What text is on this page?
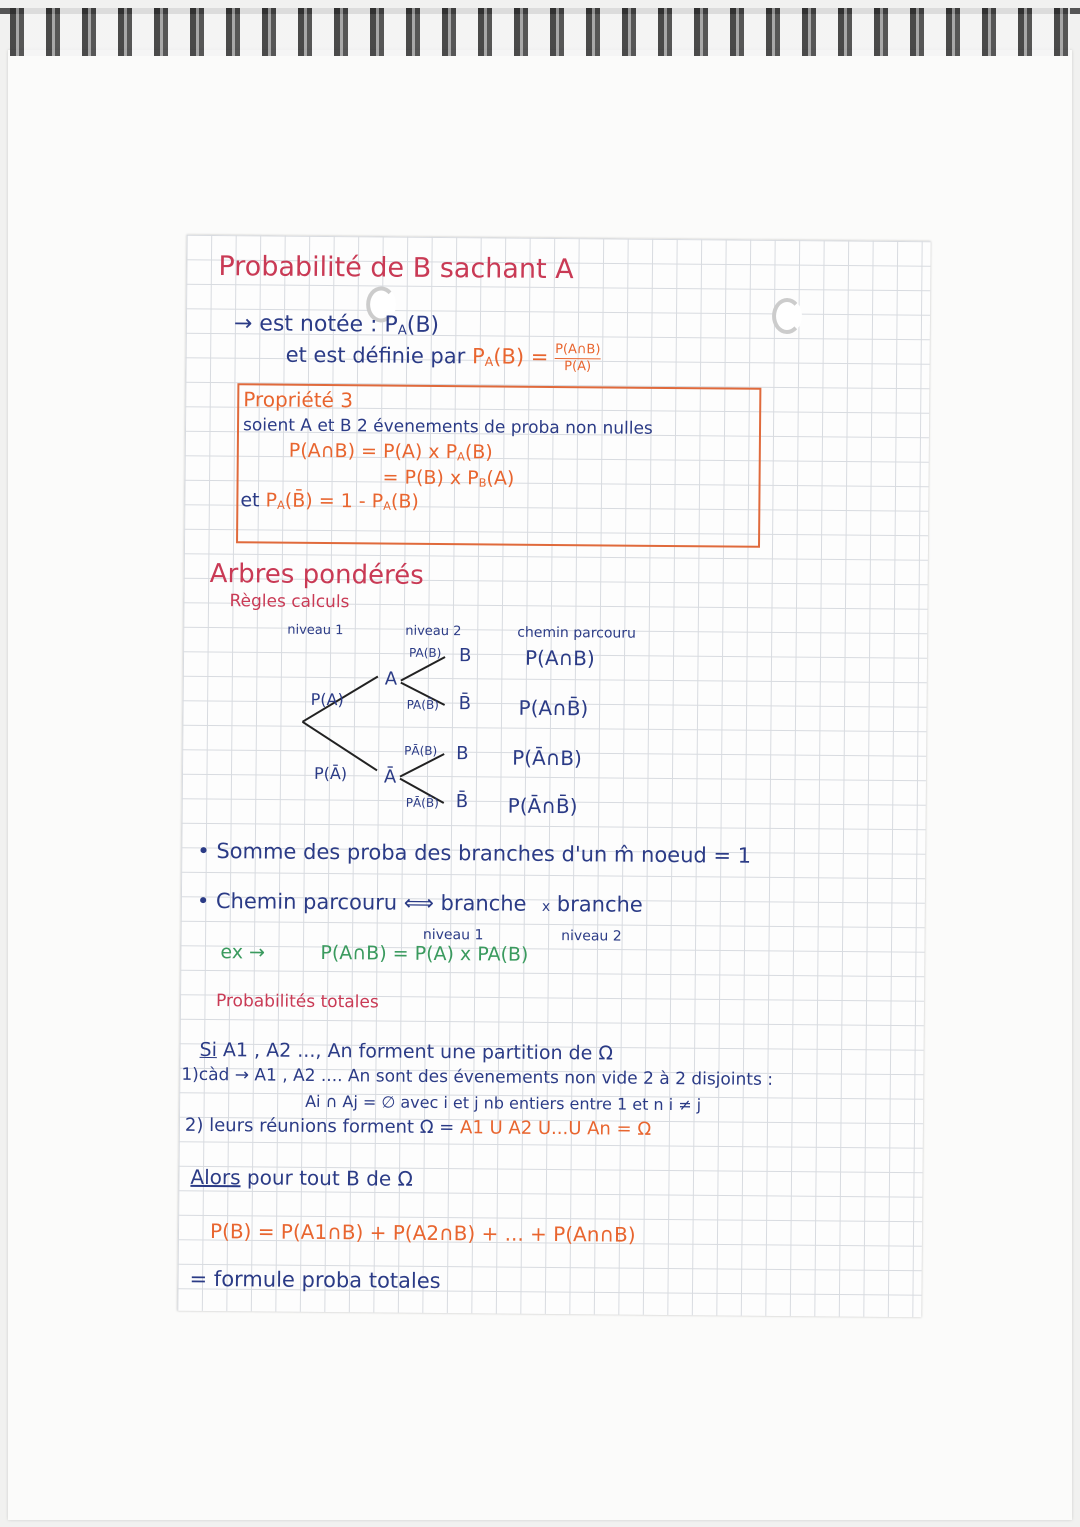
Probabilité de B sachant A
→ est notée : $P_A(B)$
et est définie par $P_A(B) = \frac{P(A\cap B)}{P(A)}$
Propriété 3
soient A et B 2 évenements de proba non nulles
P(A∩B) = P(A) x $P_A(B)$
= P(B) x $P_B(A)$
et $P_A(B̄) = 1 - P_A(B)$
Arbres pondérés
Règles calculs
niveau 1	niveau 2	chemin parcouru
P(A)
P(Ā)
PA(B)
PA(B̄)
PĀ(B)
PĀ(B̄)
A
Ā
B
B̄
B
B̄
P(A∩B)
P(A∩B̄)
P(Ā∩B)
P(Ā∩B̄)
• Somme des proba des branches d'un m̂ noeud = 1
• Chemin parcouru ⟺ branche
niveau 1
x branche
niveau 2
ex →	P(A∩B) = P(A) x PA(B)
Probabilités totales
Si A1 , A2 ..., An forment une partition de Ω
1)càd → A1 , A2 .... An sont des évenements non vide 2 à 2 disjoints :
Ai ∩ Aj = ∅ avec i et j nb entiers entre 1 et n i ≠ j
2) leurs réunions forment Ω = A1 U A2 U...U An = Ω
Alors pour tout B de Ω
P(B) = P(A1∩B) + P(A2∩B) + ... + P(An∩B)
= formule proba totales
